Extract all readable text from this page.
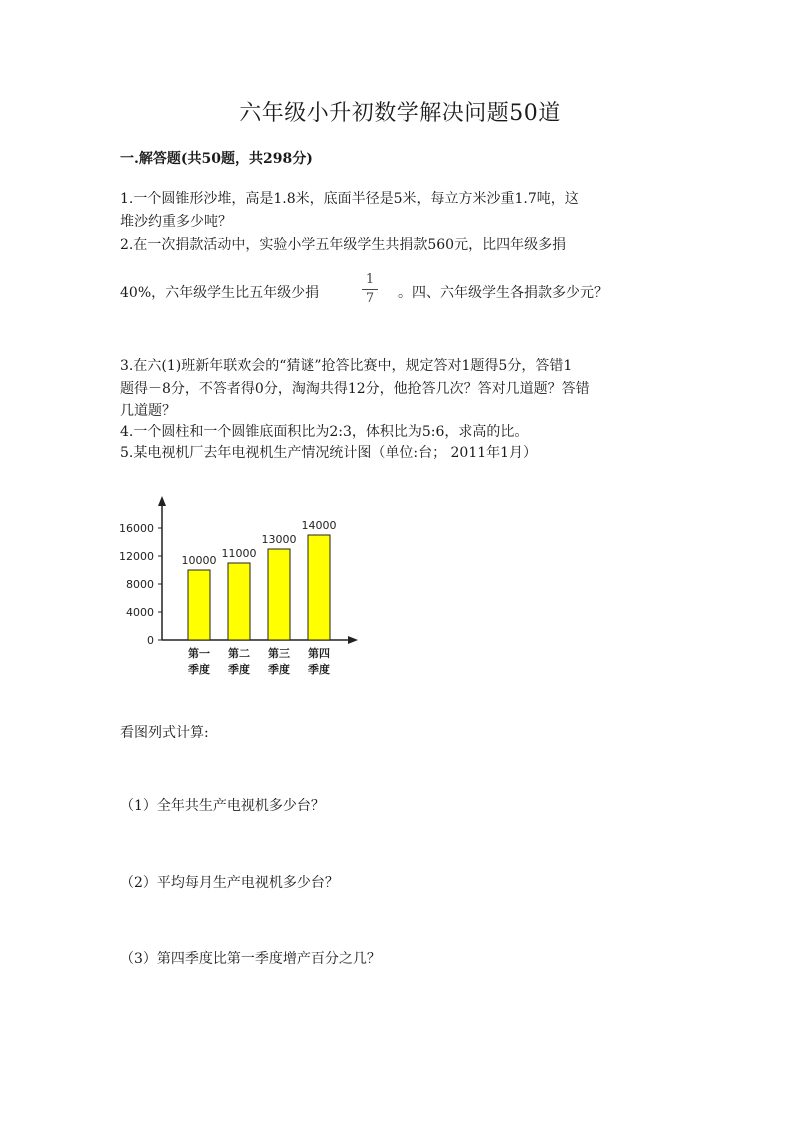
六年级小升初数学解决问题50道
一.解答题(共50题，共298分)
1.一个圆锥形沙堆，高是1.8米，底面半径是5米，每立方米沙重1.7吨，这
堆沙约重多少吨？
2.在一次捐款活动中，实验小学五年级学生共捐款560元，比四年级多捐
40%，六年级学生比五年级少捐
1
7	。四、六年级学生各捐款多少元？
3.在六(1)班新年联欢会的“猜谜”抢答比赛中，规定答对1题得5分，答错1
题得－8分，不答者得0分，淘淘共得12分，他抢答几次？答对几道题？答错
几道题？
4.一个圆柱和一个圆锥底面积比为2:3，体积比为5:6，求高的比。
5.某电视机厂去年电视机生产情况统计图（单位:台； 2011年1月）
16000
12000
8000
4000
0
10000
第一
季度
11000
第二
季度
13000
第三
季度
14000
第四
季度
看图列式计算:
（1）全年共生产电视机多少台？
（2）平均每月生产电视机多少台？
（3）第四季度比第一季度增产百分之几？
